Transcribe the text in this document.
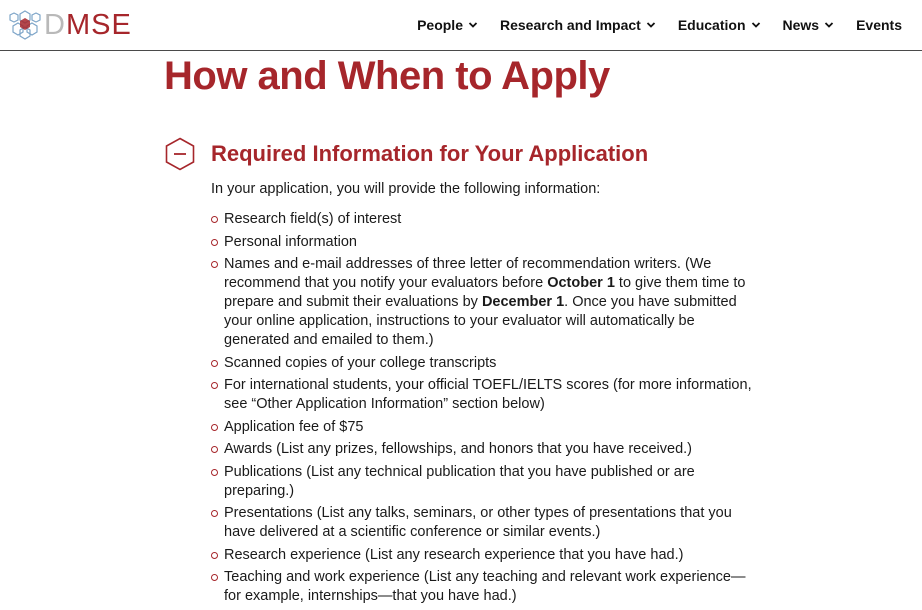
DMSE	People	Research and Impact	Education	News	Events
How and When to Apply
Required Information for Your Application

In your application, you will provide the following information:

Research field(s) of interest
Personal information
Names and e-mail addresses of three letter of recommendation writers. (We recommend that you notify your evaluators before October 1 to give them time to prepare and submit their evaluations by December 1. Once you have submitted your online application, instructions to your evaluator will automatically be generated and emailed to them.)
Scanned copies of your college transcripts
For international students, your official TOEFL/IELTS scores (for more information, see “Other Application Information” section below)
Application fee of $75
Awards (List any prizes, fellowships, and honors that you have received.)
Publications (List any technical publication that you have published or are preparing.)
Presentations (List any talks, seminars, or other types of presentations that you have delivered at a scientific conference or similar events.)
Research experience (List any research experience that you have had.)
Teaching and work experience (List any teaching and relevant work experience—for example, internships—that you have had.)
